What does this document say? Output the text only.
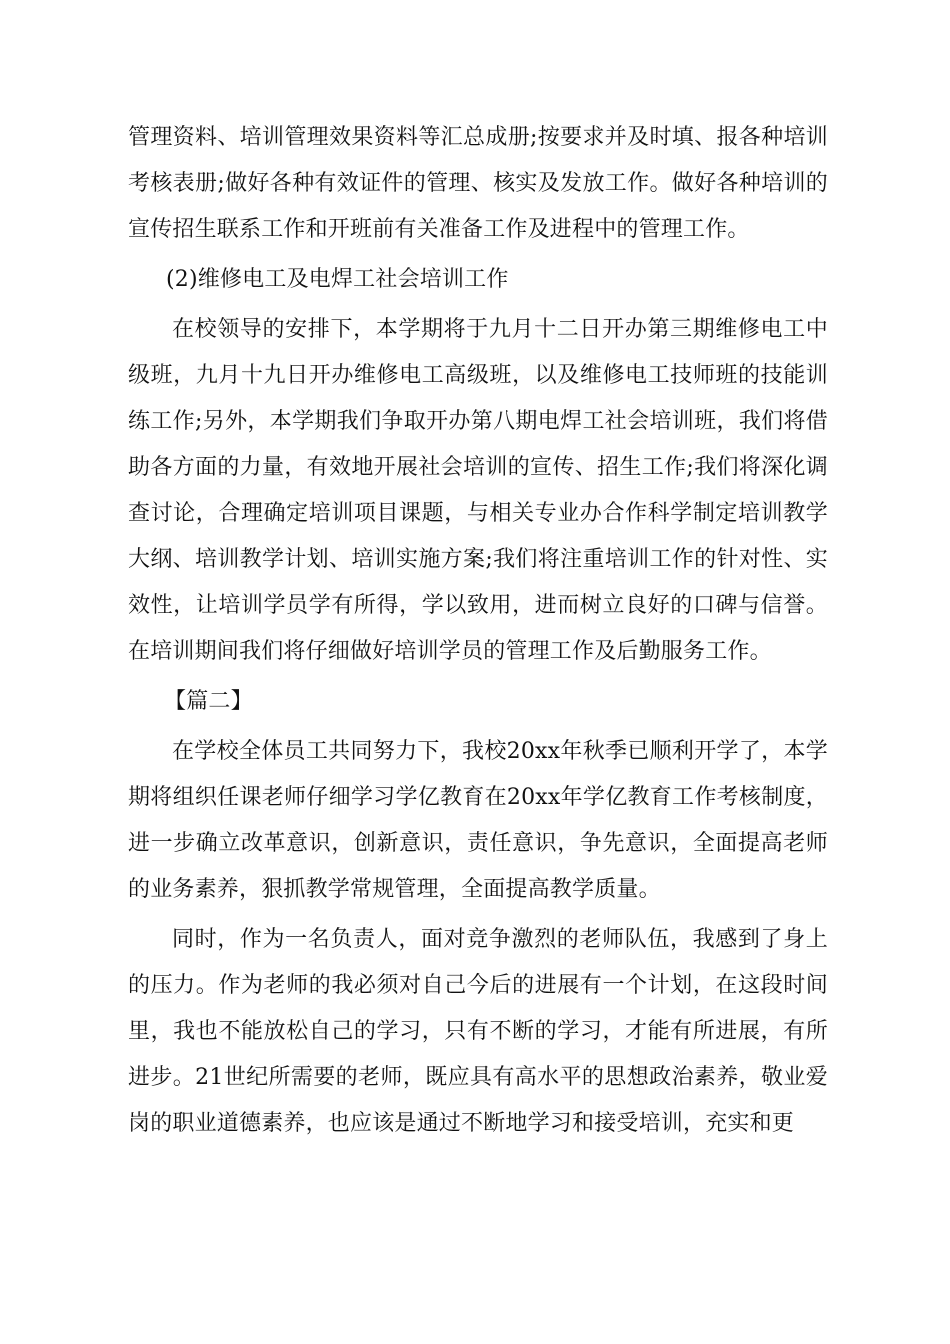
管理资料、培训管理效果资料等汇总成册;按要求并及时填、报各种培训考核表册;做好各种有效证件的管理、核实及发放工作。做好各种培训的宣传招生联系工作和开班前有关准备工作及进程中的管理工作。

(2)维修电工及电焊工社会培训工作

在校领导的安排下，本学期将于九月十二日开办第三期维修电工中级班，九月十九日开办维修电工高级班，以及维修电工技师班的技能训练工作;另外，本学期我们争取开办第八期电焊工社会培训班，我们将借助各方面的力量，有效地开展社会培训的宣传、招生工作;我们将深化调查讨论，合理确定培训项目课题，与相关专业办合作科学制定培训教学大纲、培训教学计划、培训实施方案;我们将注重培训工作的针对性、实效性，让培训学员学有所得，学以致用，进而树立良好的口碑与信誉。在培训期间我们将仔细做好培训学员的管理工作及后勤服务工作。

【篇二】

在学校全体员工共同努力下，我校20xx年秋季已顺利开学了，本学期将组织任课老师仔细学习学亿教育在20xx年学亿教育工作考核制度，进一步确立改革意识，创新意识，责任意识，争先意识，全面提高老师的业务素养，狠抓教学常规管理，全面提高教学质量。

同时，作为一名负责人，面对竞争激烈的老师队伍，我感到了身上的压力。作为老师的我必须对自己今后的进展有一个计划，在这段时间里，我也不能放松自己的学习，只有不断的学习，才能有所进展，有所进步。21世纪所需要的老师，既应具有高水平的思想政治素养，敬业爱岗的职业道德素养，也应该是通过不断地学习和接受培训，充实和更
